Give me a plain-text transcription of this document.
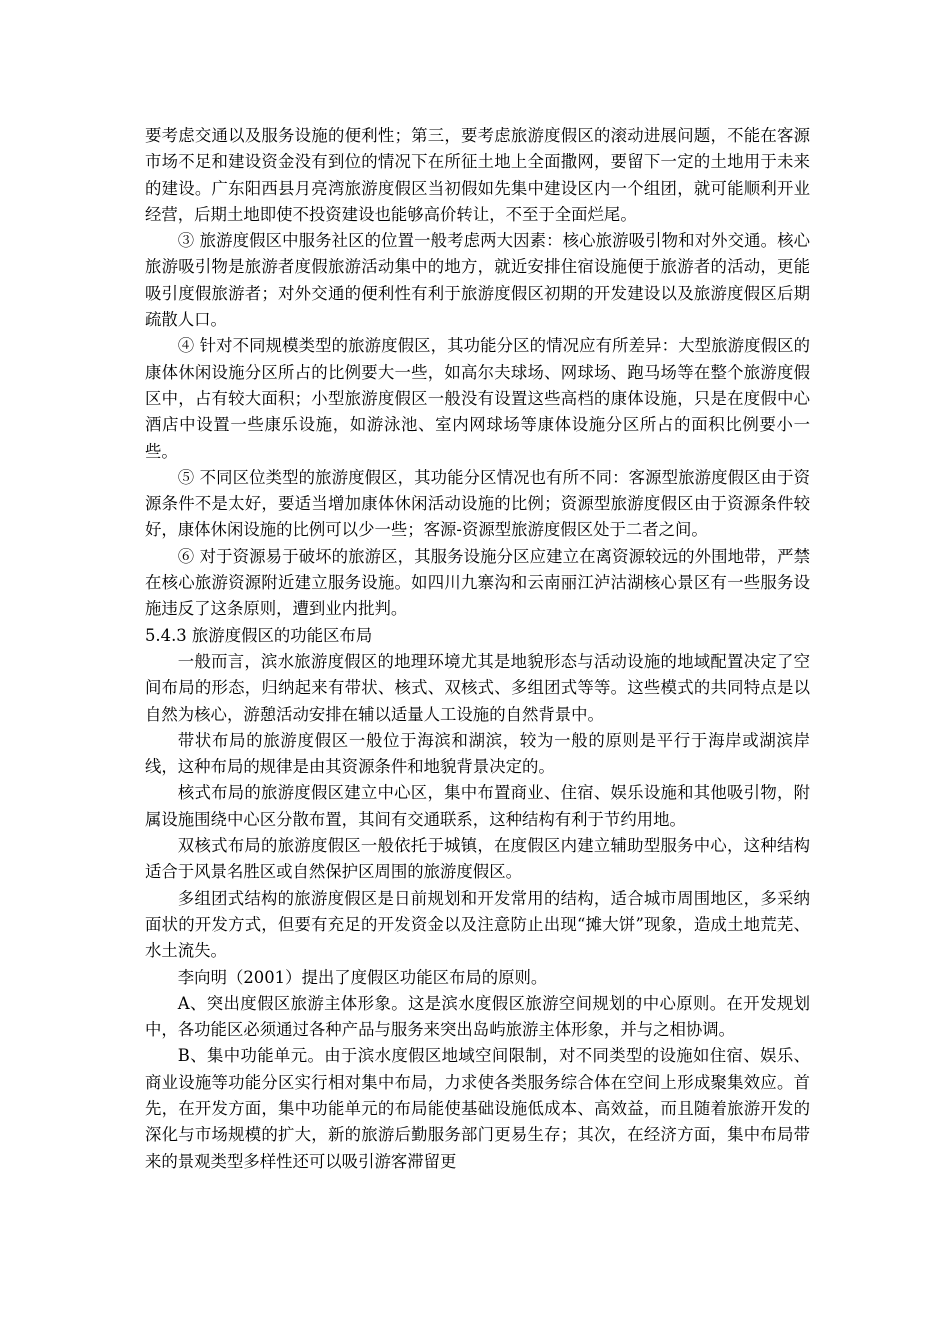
要考虑交通以及服务设施的便利性；第三，要考虑旅游度假区的滚动进展问题，不能在客源市场不足和建设资金没有到位的情况下在所征土地上全面撒网，要留下一定的土地用于未来的建设。广东阳西县月亮湾旅游度假区当初假如先集中建设区内一个组团，就可能顺利开业经营，后期土地即使不投资建设也能够高价转让，不至于全面烂尾。

③ 旅游度假区中服务社区的位置一般考虑两大因素：核心旅游吸引物和对外交通。核心旅游吸引物是旅游者度假旅游活动集中的地方，就近安排住宿设施便于旅游者的活动，更能吸引度假旅游者；对外交通的便利性有利于旅游度假区初期的开发建设以及旅游度假区后期疏散人口。

④ 针对不同规模类型的旅游度假区，其功能分区的情况应有所差异：大型旅游度假区的康体休闲设施分区所占的比例要大一些，如高尔夫球场、网球场、跑马场等在整个旅游度假区中，占有较大面积；小型旅游度假区一般没有设置这些高档的康体设施，只是在度假中心酒店中设置一些康乐设施，如游泳池、室内网球场等康体设施分区所占的面积比例要小一些。

⑤ 不同区位类型的旅游度假区，其功能分区情况也有所不同：客源型旅游度假区由于资源条件不是太好，要适当增加康体休闲活动设施的比例；资源型旅游度假区由于资源条件较好，康体休闲设施的比例可以少一些；客源-资源型旅游度假区处于二者之间。

⑥ 对于资源易于破坏的旅游区，其服务设施分区应建立在离资源较远的外围地带，严禁在核心旅游资源附近建立服务设施。如四川九寨沟和云南丽江泸沽湖核心景区有一些服务设施违反了这条原则，遭到业内批判。

5.4.3 旅游度假区的功能区布局

一般而言，滨水旅游度假区的地理环境尤其是地貌形态与活动设施的地域配置决定了空间布局的形态，归纳起来有带状、核式、双核式、多组团式等等。这些模式的共同特点是以自然为核心，游憩活动安排在辅以适量人工设施的自然背景中。

带状布局的旅游度假区一般位于海滨和湖滨，较为一般的原则是平行于海岸或湖滨岸线，这种布局的规律是由其资源条件和地貌背景决定的。

核式布局的旅游度假区建立中心区，集中布置商业、住宿、娱乐设施和其他吸引物，附属设施围绕中心区分散布置，其间有交通联系，这种结构有利于节约用地。

双核式布局的旅游度假区一般依托于城镇，在度假区内建立辅助型服务中心，这种结构适合于风景名胜区或自然保护区周围的旅游度假区。

多组团式结构的旅游度假区是日前规划和开发常用的结构，适合城市周围地区，多采纳面状的开发方式，但要有充足的开发资金以及注意防止出现“摊大饼”现象，造成土地荒芜、水土流失。

李向明（2001）提出了度假区功能区布局的原则。

A、突出度假区旅游主体形象。这是滨水度假区旅游空间规划的中心原则。在开发规划中，各功能区必须通过各种产品与服务来突出岛屿旅游主体形象，并与之相协调。

B、集中功能单元。由于滨水度假区地域空间限制，对不同类型的设施如住宿、娱乐、商业设施等功能分区实行相对集中布局，力求使各类服务综合体在空间上形成聚集效应。首先，在开发方面，集中功能单元的布局能使基础设施低成本、高效益，而且随着旅游开发的深化与市场规模的扩大，新的旅游后勤服务部门更易生存；其次，在经济方面，集中布局带来的景观类型多样性还可以吸引游客滞留更
